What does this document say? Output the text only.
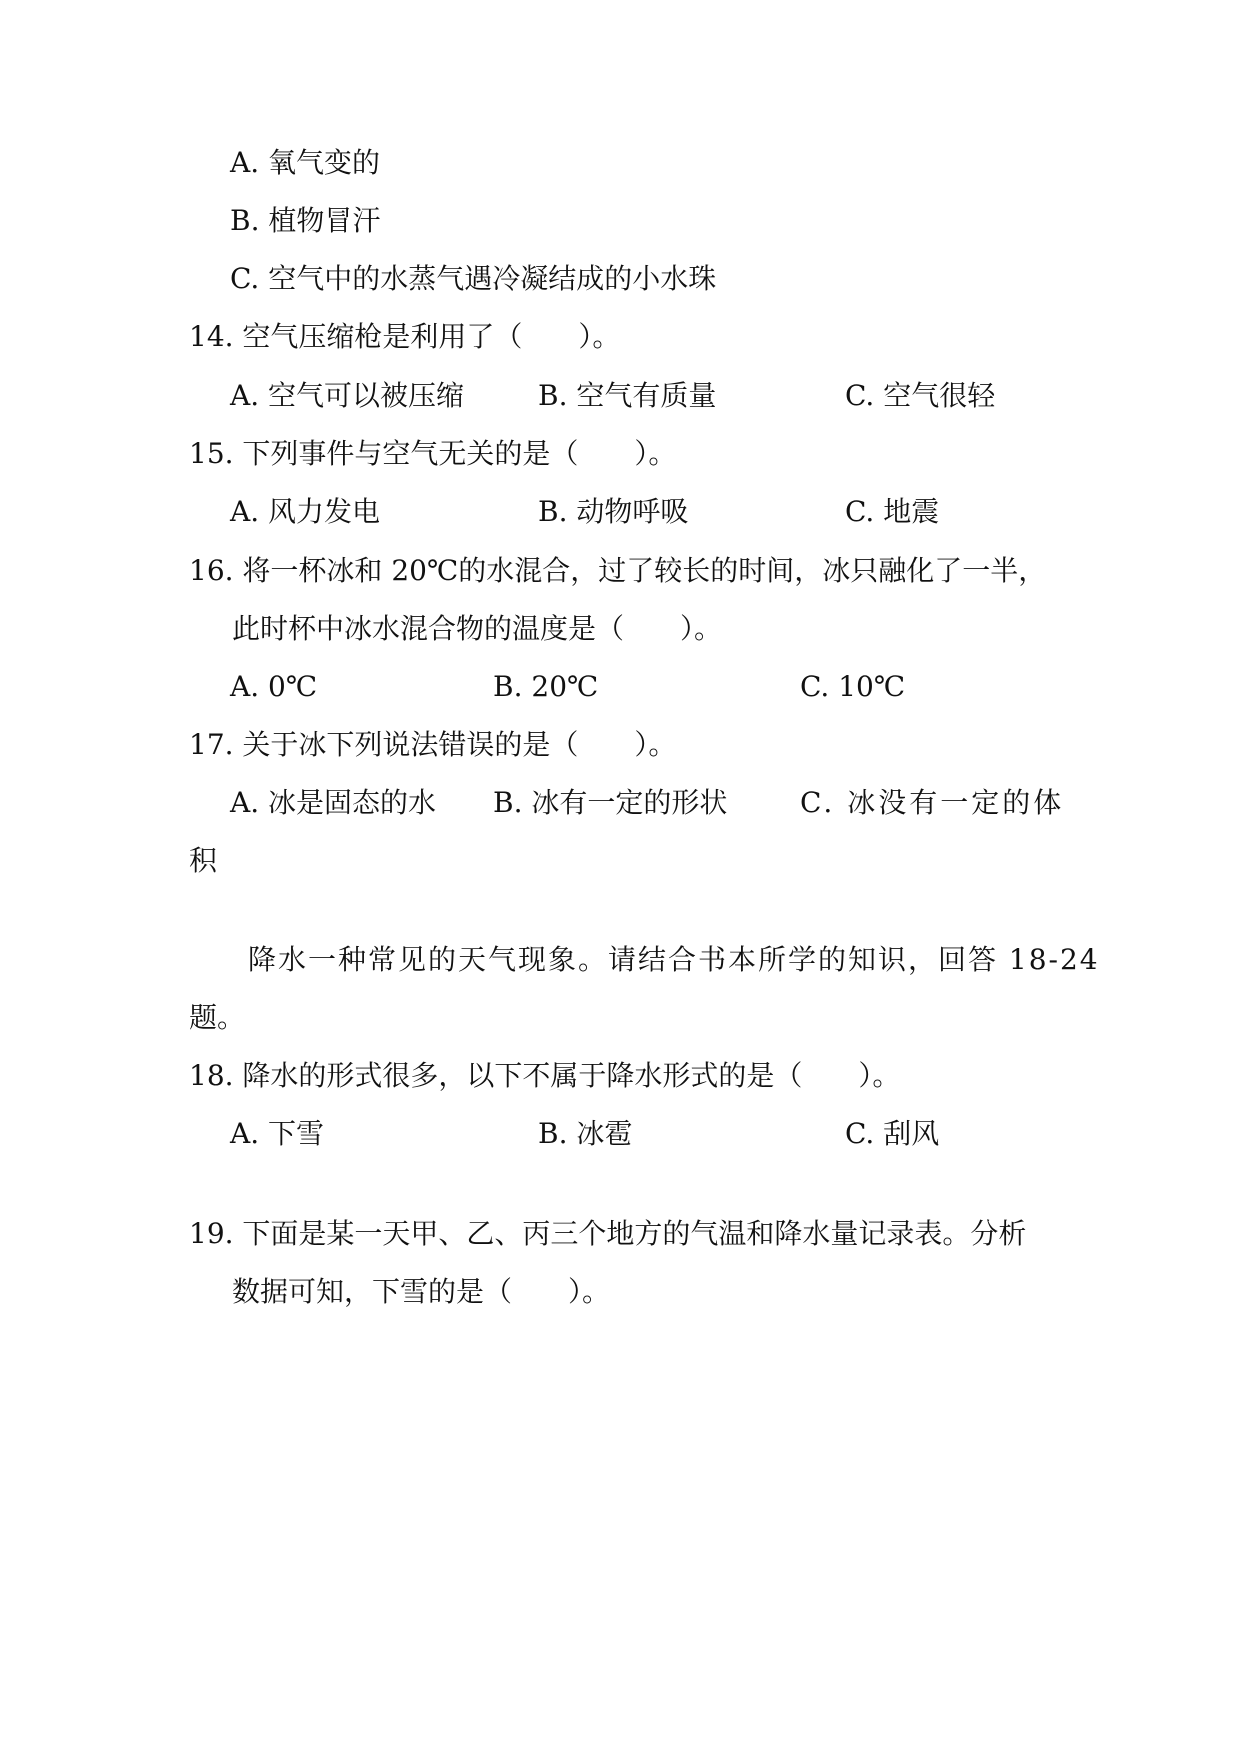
A. 氧气变的
B. 植物冒汗
C. 空气中的水蒸气遇冷凝结成的小水珠
14. 空气压缩枪是利用了（　　）。
A. 空气可以被压缩	B. 空气有质量	C. 空气很轻
15. 下列事件与空气无关的是（　　）。
A. 风力发电	B. 动物呼吸	C. 地震
16. 将一杯冰和 20℃的水混合，过了较长的时间，冰只融化了一半，
此时杯中冰水混合物的温度是（　　）。
A. 0℃	B. 20℃	C. 10℃
17. 关于冰下列说法错误的是（　　）。
A. 冰是固态的水 B. 冰有一定的形状	C. 冰没有一定的体
积
降水一种常见的天气现象。请结合书本所学的知识，回答 18-24
题。
18. 降水的形式很多，以下不属于降水形式的是（　　）。
A. 下雪	B. 冰雹	C. 刮风
19. 下面是某一天甲、乙、丙三个地方的气温和降水量记录表。分析
数据可知，下雪的是（　　）。
